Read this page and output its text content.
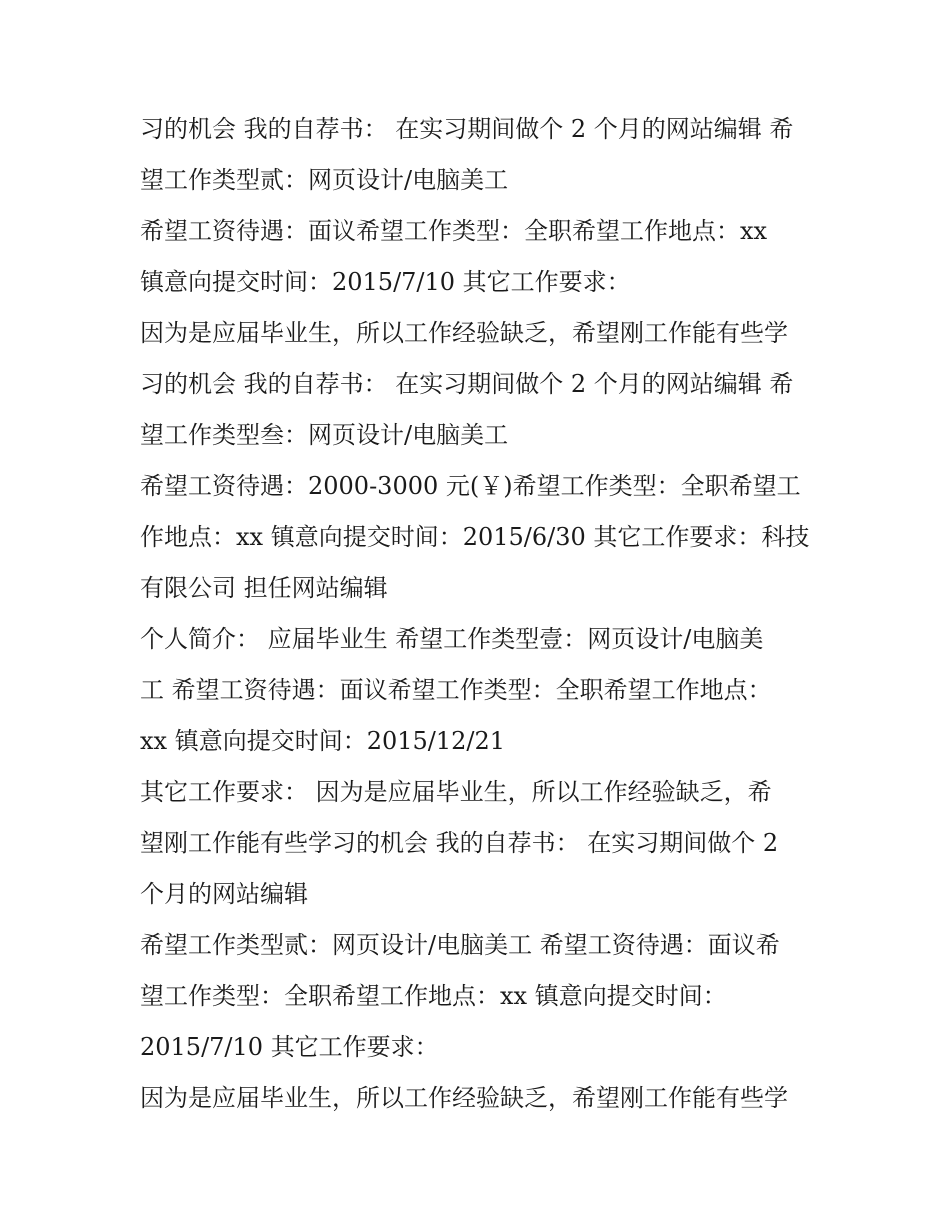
习的机会 我的自荐书： 在实习期间做个 2 个月的网站编辑 希
望工作类型贰：网页设计/电脑美工
希望工资待遇：面议希望工作类型：全职希望工作地点：xx
镇意向提交时间：2015/7/10 其它工作要求：
因为是应届毕业生，所以工作经验缺乏，希望刚工作能有些学
习的机会 我的自荐书： 在实习期间做个 2 个月的网站编辑 希
望工作类型叁：网页设计/电脑美工
希望工资待遇：2000-3000 元(￥)希望工作类型：全职希望工
作地点：xx 镇意向提交时间：2015/6/30 其它工作要求：科技
有限公司 担任网站编辑
个人简介： 应届毕业生 希望工作类型壹：网页设计/电脑美
工 希望工资待遇：面议希望工作类型：全职希望工作地点：
xx 镇意向提交时间：2015/12/21
其它工作要求： 因为是应届毕业生，所以工作经验缺乏，希
望刚工作能有些学习的机会 我的自荐书： 在实习期间做个 2
个月的网站编辑
希望工作类型贰：网页设计/电脑美工 希望工资待遇：面议希
望工作类型：全职希望工作地点：xx 镇意向提交时间：
2015/7/10 其它工作要求：
因为是应届毕业生，所以工作经验缺乏，希望刚工作能有些学
